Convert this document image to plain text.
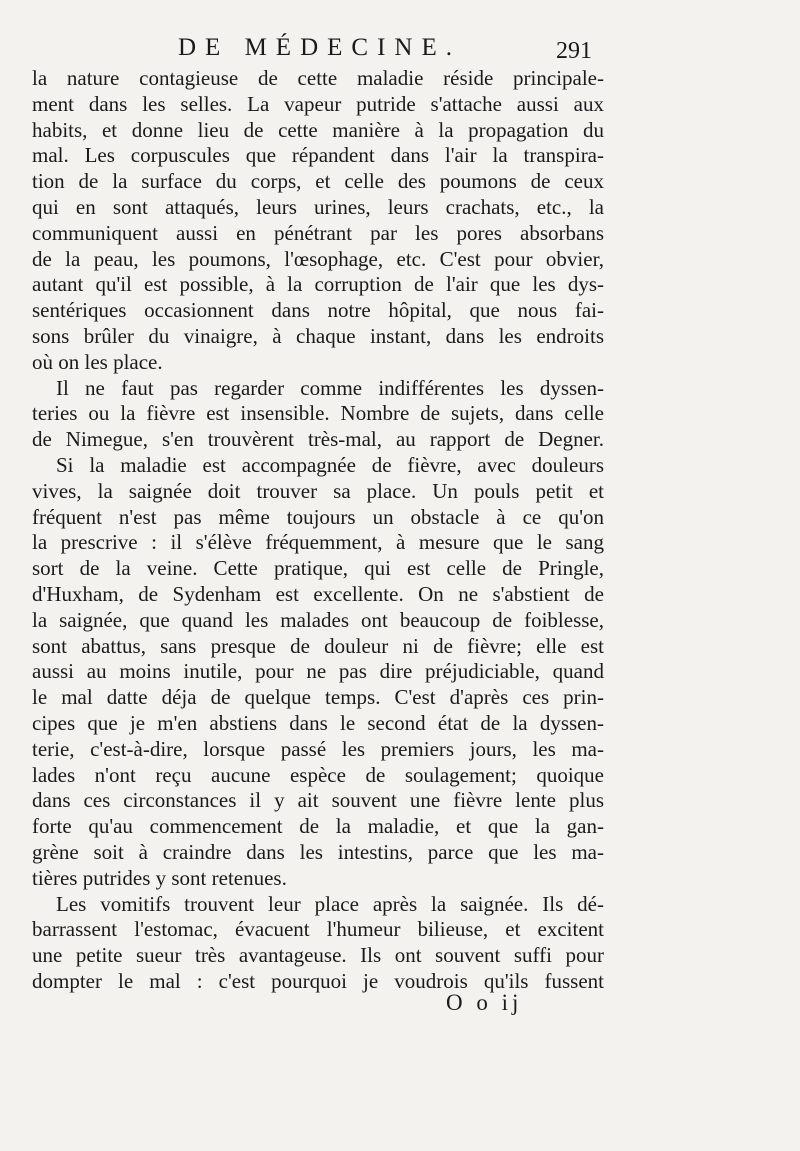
DE MÉDECINE.	291
la nature contagieuse de cette maladie réside principale-
ment dans les selles. La vapeur putride s'attache aussi aux
habits, et donne lieu de cette manière à la propagation du
mal. Les corpuscules que répandent dans l'air la transpira-
tion de la surface du corps, et celle des poumons de ceux
qui en sont attaqués, leurs urines, leurs crachats, etc., la
communiquent aussi en pénétrant par les pores absorbans
de la peau, les poumons, l'œsophage, etc. C'est pour obvier,
autant qu'il est possible, à la corruption de l'air que les dys-
sentériques occasionnent dans notre hôpital, que nous fai-
sons brûler du vinaigre, à chaque instant, dans les endroits
où on les place.
Il ne faut pas regarder comme indifférentes les dyssen-
teries ou la fièvre est insensible. Nombre de sujets, dans celle
de Nimegue, s'en trouvèrent très-mal, au rapport de Degner.
Si la maladie est accompagnée de fièvre, avec douleurs
vives, la saignée doit trouver sa place. Un pouls petit et
fréquent n'est pas même toujours un obstacle à ce qu'on
la prescrive : il s'élève fréquemment, à mesure que le sang
sort de la veine. Cette pratique, qui est celle de Pringle,
d'Huxham, de Sydenham est excellente. On ne s'abstient de
la saignée, que quand les malades ont beaucoup de foiblesse,
sont abattus, sans presque de douleur ni de fièvre; elle est
aussi au moins inutile, pour ne pas dire préjudiciable, quand
le mal datte déja de quelque temps. C'est d'après ces prin-
cipes que je m'en abstiens dans le second état de la dyssen-
terie, c'est-à-dire, lorsque passé les premiers jours, les ma-
lades n'ont reçu aucune espèce de soulagement; quoique
dans ces circonstances il y ait souvent une fièvre lente plus
forte qu'au commencement de la maladie, et que la gan-
grène soit à craindre dans les intestins, parce que les ma-
tières putrides y sont retenues.
Les vomitifs trouvent leur place après la saignée. Ils dé-
barrassent l'estomac, évacuent l'humeur bilieuse, et excitent
une petite sueur très avantageuse. Ils ont souvent suffi pour
dompter le mal : c'est pourquoi je voudrois qu'ils fussent
O o ij
